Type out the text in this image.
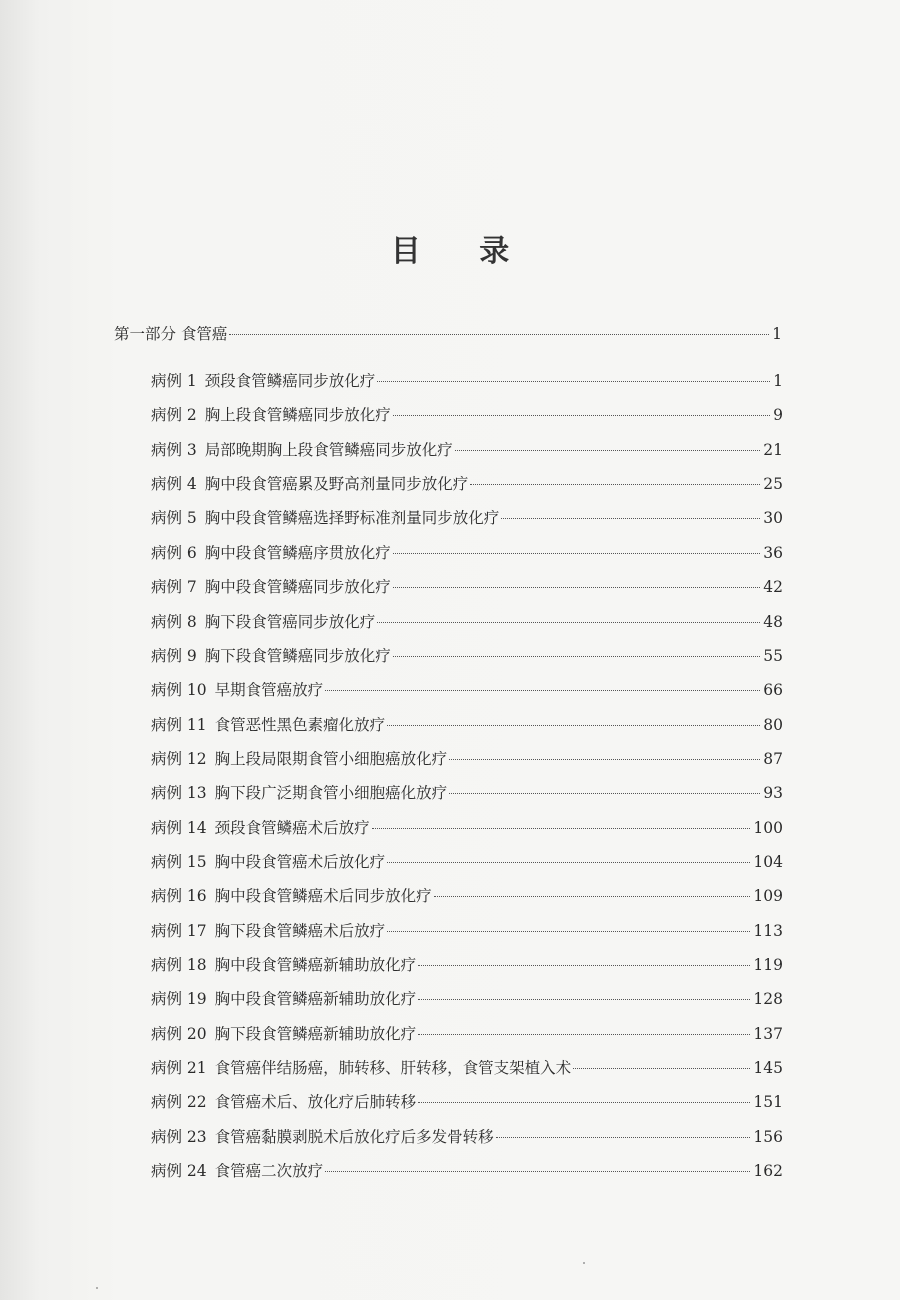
目 录
第一部分 食管癌	1
病例 1 颈段食管鳞癌同步放化疗	1
病例 2 胸上段食管鳞癌同步放化疗	9
病例 3 局部晚期胸上段食管鳞癌同步放化疗	21
病例 4 胸中段食管癌累及野高剂量同步放化疗	25
病例 5 胸中段食管鳞癌选择野标准剂量同步放化疗	30
病例 6 胸中段食管鳞癌序贯放化疗	36
病例 7 胸中段食管鳞癌同步放化疗	42
病例 8 胸下段食管癌同步放化疗	48
病例 9 胸下段食管鳞癌同步放化疗	55
病例 10 早期食管癌放疗	66
病例 11 食管恶性黑色素瘤化放疗	80
病例 12 胸上段局限期食管小细胞癌放化疗	87
病例 13 胸下段广泛期食管小细胞癌化放疗	93
病例 14 颈段食管鳞癌术后放疗	100
病例 15 胸中段食管癌术后放化疗	104
病例 16 胸中段食管鳞癌术后同步放化疗	109
病例 17 胸下段食管鳞癌术后放疗	113
病例 18 胸中段食管鳞癌新辅助放化疗	119
病例 19 胸中段食管鳞癌新辅助放化疗	128
病例 20 胸下段食管鳞癌新辅助放化疗	137
病例 21 食管癌伴结肠癌，肺转移、肝转移，食管支架植入术	145
病例 22 食管癌术后、放化疗后肺转移	151
病例 23 食管癌黏膜剥脱术后放化疗后多发骨转移	156
病例 24 食管癌二次放疗	162
